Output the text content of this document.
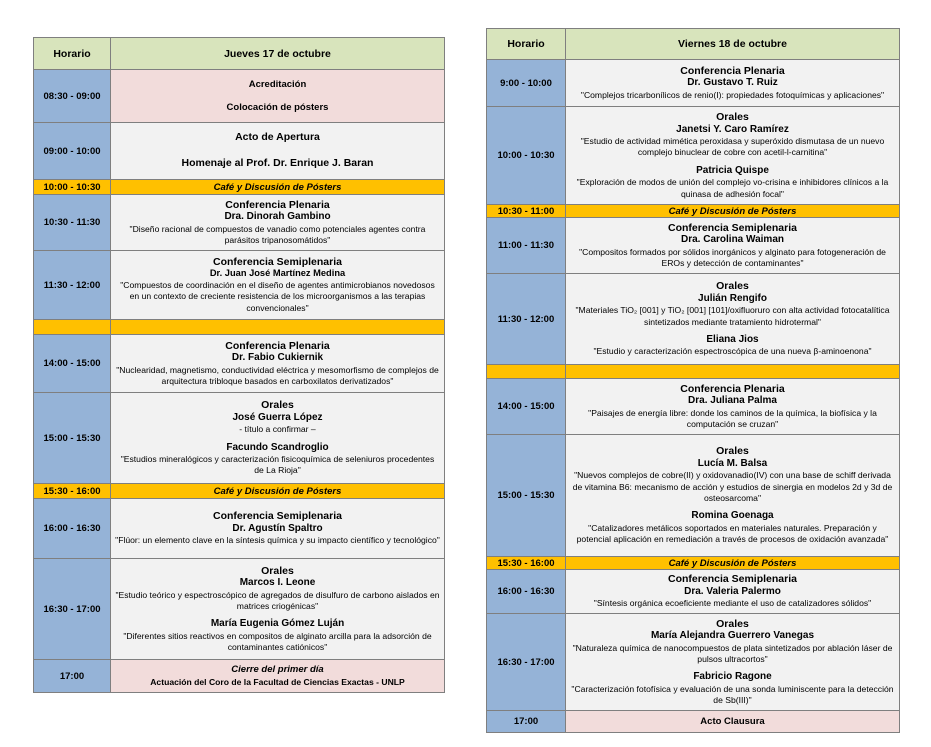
Horario	Jueves 17 de octubre
08:30 - 09:00	Acreditación
Colocación de pósters

09:00 - 10:00	Acto de Apertura
Homenaje al Prof. Dr. Enrique J. Baran

10:00 - 10:30	Café y Discusión de Pósters
10:30 - 11:30	Conferencia Plenaria
Dra. Dinorah Gambino
"Diseño racional de compuestos de vanadio como potenciales agentes contra parásitos tripanosomátidos"

11:30 - 12:00	Conferencia Semiplenaria
Dr. Juan José Martínez Medina
"Compuestos de coordinación en el diseño de agentes antimicrobianos novedosos en un contexto de creciente resistencia de los microorganismos a las terapias convencionales"

14:00 - 15:00	Conferencia Plenaria
Dr. Fabio Cukiernik
"Nuclearidad, magnetismo, conductividad eléctrica y mesomorfismo de complejos de arquitectura tribloque basados en carboxilatos derivatizados"

15:00 - 15:30	Orales
José Guerra López
- título a confirmar –
Facundo Scandroglio
"Estudios mineralógicos y caracterización fisicoquímica de seleniuros procedentes de La Rioja"

15:30 - 16:00	Café y Discusión de Pósters
16:00 - 16:30	Conferencia Semiplenaria
Dr. Agustín Spaltro
"Flúor: un elemento clave en la síntesis química y su impacto científico y tecnológico"

16:30 - 17:00	Orales
Marcos I. Leone
"Estudio teórico y espectroscópico de agregados de disulfuro de carbono aislados en matrices criogénicas"
María Eugenia Gómez Luján
"Diferentes sitios reactivos en compositos de alginato arcilla para la adsorción de contaminantes catiónicos"

17:00	Cierre del primer día
Actuación del Coro de la Facultad de Ciencias Exactas - UNLP
Horario	Viernes 18 de octubre
9:00 - 10:00	Conferencia Plenaria
Dr. Gustavo T. Ruiz
"Complejos tricarbonílicos de renio(I): propiedades fotoquímicas y aplicaciones"

10:00 - 10:30	Orales
Janetsi Y. Caro Ramírez
"Estudio de actividad mimética peroxidasa y superóxido dismutasa de un nuevo complejo binuclear de cobre con acetil-l-carnitina"
Patricia Quispe
"Exploración de modos de unión del complejo vo-crisina e inhibidores clínicos a la quinasa de adhesión focal"

10:30 - 11:00	Café y Discusión de Pósters
11:00 - 11:30	Conferencia Semiplenaria
Dra. Carolina Waiman
"Compositos formados por sólidos inorgánicos y alginato para fotogeneración de EROs y detección de contaminantes"

11:30 - 12:00	Orales
Julián Rengifo
"Materiales TiO₂ [001] y TiO₂ [001] [101]/oxifluoruro con alta actividad fotocatalítica sintetizados mediante tratamiento hidrotermal"
Eliana Jios
"Estudio y caracterización espectroscópica de una nueva β-aminoenona"

14:00 - 15:00	Conferencia Plenaria
Dra. Juliana Palma
"Paisajes de energía libre: donde los caminos de la química, la biofísica y la computación se cruzan"

15:00 - 15:30	Orales
Lucía M. Balsa
"Nuevos complejos de cobre(II) y oxidovanadio(IV) con una base de schiff derivada de vitamina B6: mecanismo de acción y estudios de sinergia en modelos 2d y 3d de osteosarcoma"
Romina Goenaga
"Catalizadores metálicos soportados en materiales naturales. Preparación y potencial aplicación en remediación a través de procesos de oxidación avanzada"

15:30 - 16:00	Café y Discusión de Pósters
16:00 - 16:30	Conferencia Semiplenaria
Dra. Valeria Palermo
"Síntesis orgánica ecoeficiente mediante el uso de catalizadores sólidos"

16:30 - 17:00	Orales
María Alejandra Guerrero Vanegas
"Naturaleza química de nanocompuestos de plata sintetizados por ablación láser de pulsos ultracortos"
Fabricio Ragone
"Caracterización fotofísica y evaluación de una sonda luminiscente para la detección de Sb(III)"

17:00	Acto Clausura
